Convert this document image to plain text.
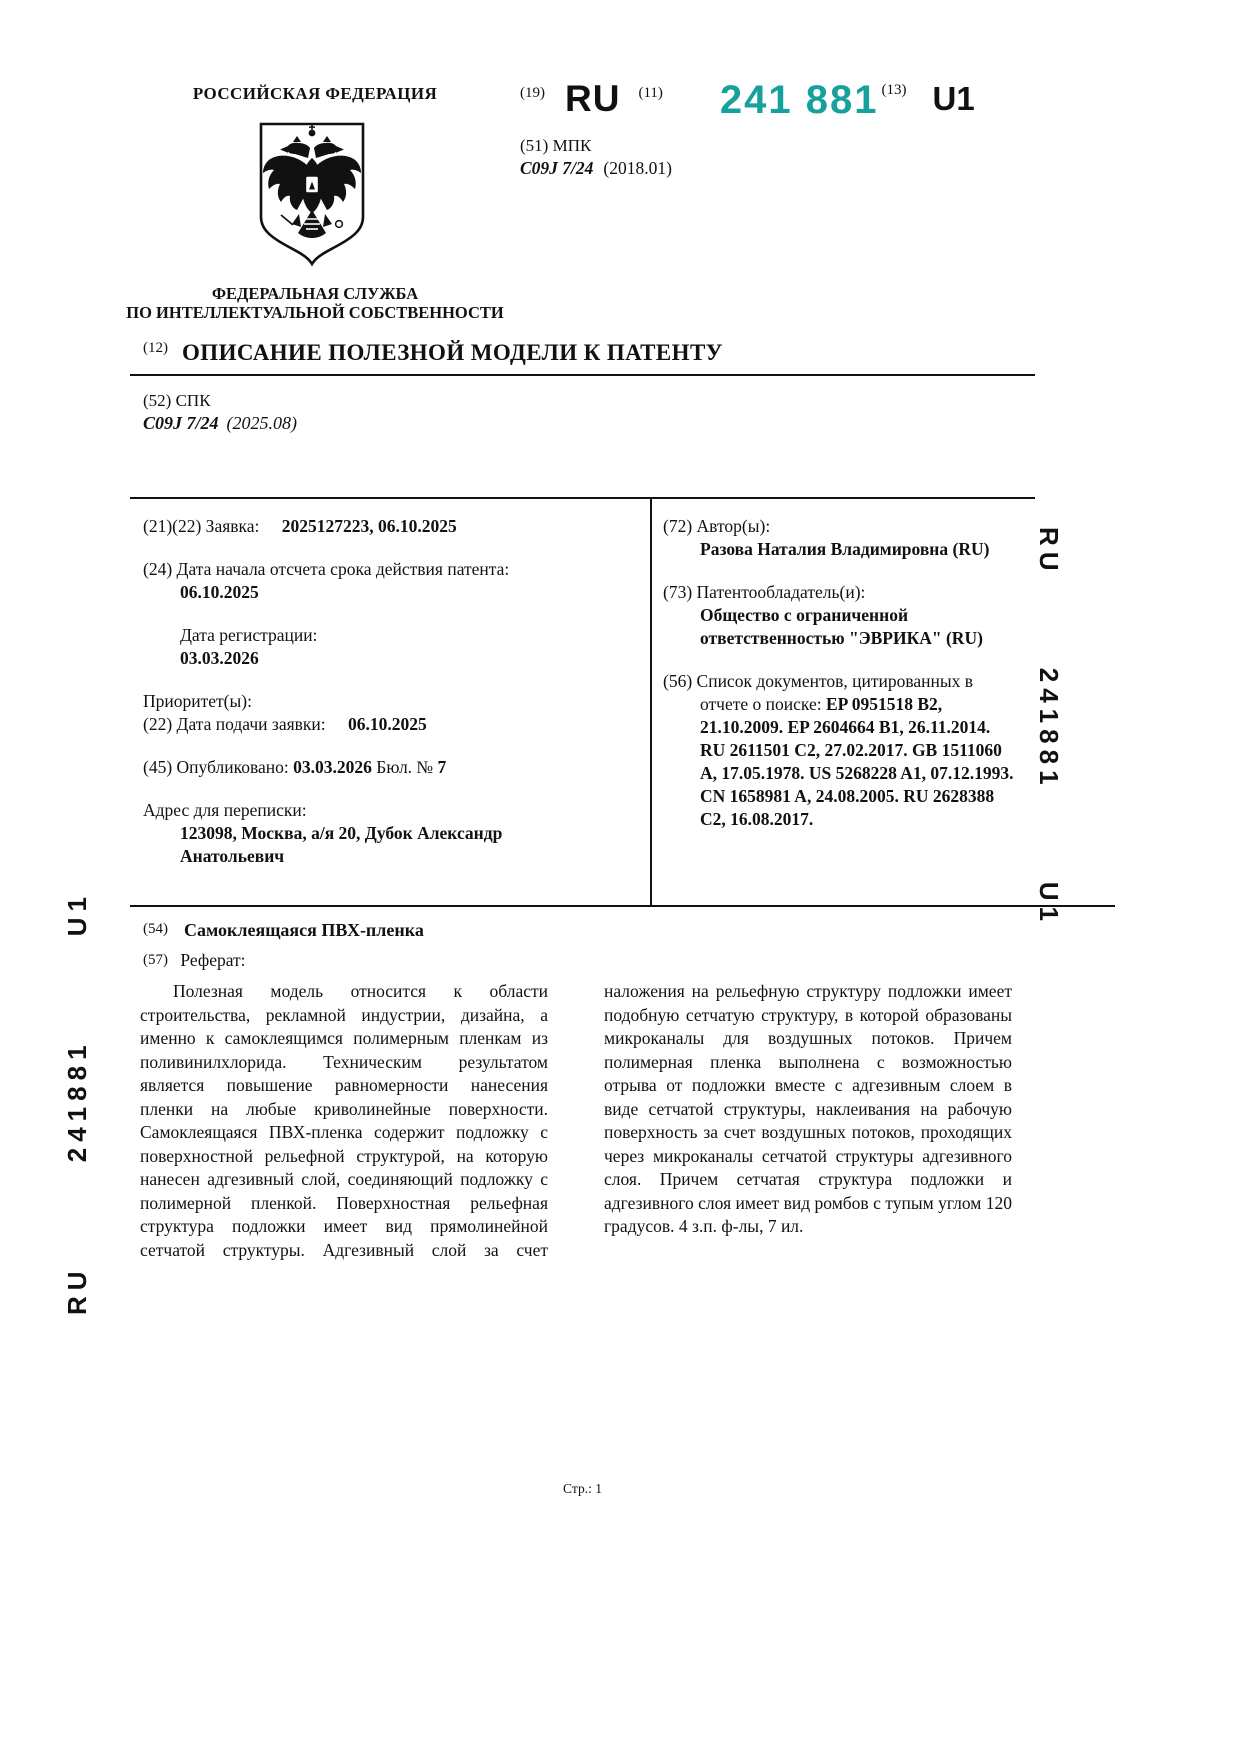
РОССИЙСКАЯ ФЕДЕРАЦИЯ
ФЕДЕРАЛЬНАЯ СЛУЖБА
ПО ИНТЕЛЛЕКТУАЛЬНОЙ СОБСТВЕННОСТИ
(19) RU (11) 241 881 (13) U1
(51) МПК
C09J 7/24 (2018.01)
(12) ОПИСАНИЕ ПОЛЕЗНОЙ МОДЕЛИ К ПАТЕНТУ
(52) СПК
C09J 7/24 (2025.08)
(21)(22) Заявка: 2025127223, 06.10.2025
(24) Дата начала отсчета срока действия патента:
06.10.2025
Дата регистрации:
03.03.2026
Приоритет(ы):
(22) Дата подачи заявки: 06.10.2025
(45) Опубликовано: 03.03.2026 Бюл. № 7
Адрес для переписки:
123098, Москва, а/я 20, Дубок Александр Анатольевич
(72) Автор(ы):
Разова Наталия Владимировна (RU)
(73) Патентообладатель(и):
Общество с ограниченной ответственностью "ЭВРИКА" (RU)
(56) Список документов, цитированных в отчете о поиске: EP 0951518 B2, 21.10.2009. EP 2604664 B1, 26.11.2014. RU 2611501 C2, 27.02.2017. GB 1511060 A, 17.05.1978. US 5268228 A1, 07.12.1993. CN 1658981 A, 24.08.2005. RU 2628388 C2, 16.08.2017.
(54) Самоклеящаяся ПВХ-пленка
(57) Реферат:

Полезная модель относится к области строительства, рекламной индустрии, дизайна, а именно к самоклеящимся полимерным пленкам из поливинилхлорида. Техническим результатом является повышение равномерности нанесения пленки на любые криволинейные поверхности. Самоклеящаяся ПВХ-пленка содержит подложку с поверхностной рельефной структурой, на которую нанесен адгезивный слой, соединяющий подложку с полимерной пленкой. Поверхностная рельефная структура подложки имеет вид прямолинейной сетчатой структуры. Адгезивный слой за счет наложения на рельефную структуру подложки имеет подобную сетчатую структуру, в которой образованы микроканалы для воздушных потоков. Причем полимерная пленка выполнена с возможностью отрыва от подложки вместе с адгезивным слоем в виде сетчатой структуры, наклеивания на рабочую поверхность за счет воздушных потоков, проходящих через микроканалы сетчатой структуры адгезивного слоя. Причем сетчатая структура подложки и адгезивного слоя имеет вид ромбов с тупым углом 120 градусов. 4 з.п. ф-лы, 7 ил.

RU
241881
U1
RU
241881
U1
Стр.: 1
